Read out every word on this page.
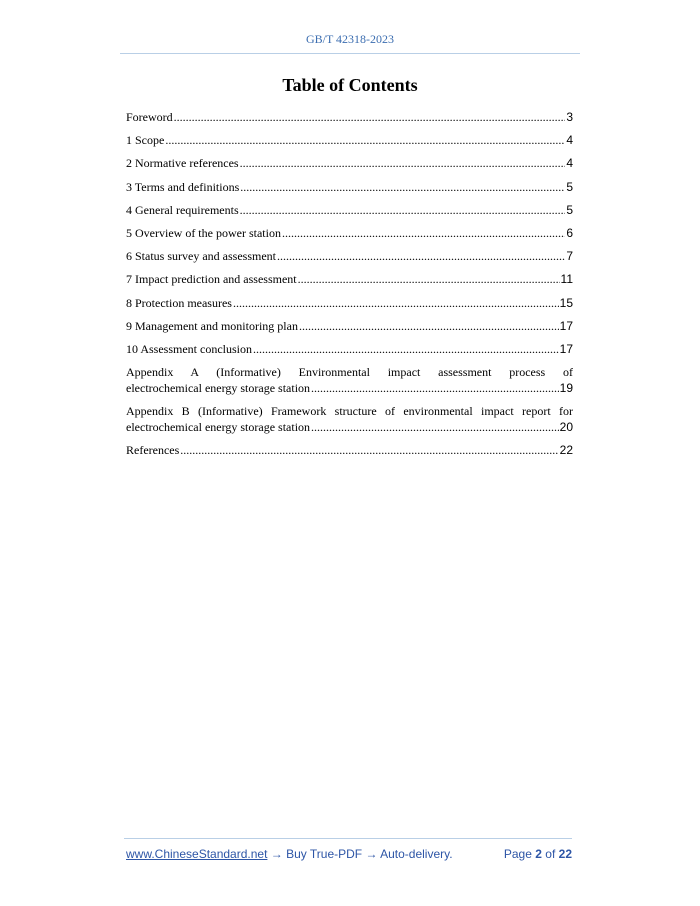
GB/T 42318-2023
Table of Contents
Foreword .....	3
1 Scope .....	4
2 Normative references .....	4
3 Terms and definitions .....	5
4 General requirements .....	5
5 Overview of the power station .....	6
6 Status survey and assessment .....	7
7 Impact prediction and assessment .....	11
8 Protection measures .....	15
9 Management and monitoring plan .....	17
10 Assessment conclusion .....	17
Appendix A (Informative) Environmental impact assessment process of
electrochemical energy storage station .....	19
Appendix B (Informative) Framework structure of environmental impact report for
electrochemical energy storage station .....	20
References .....	22
www.ChineseStandard.net → Buy True-PDF → Auto-delivery.	Page 2 of 22
